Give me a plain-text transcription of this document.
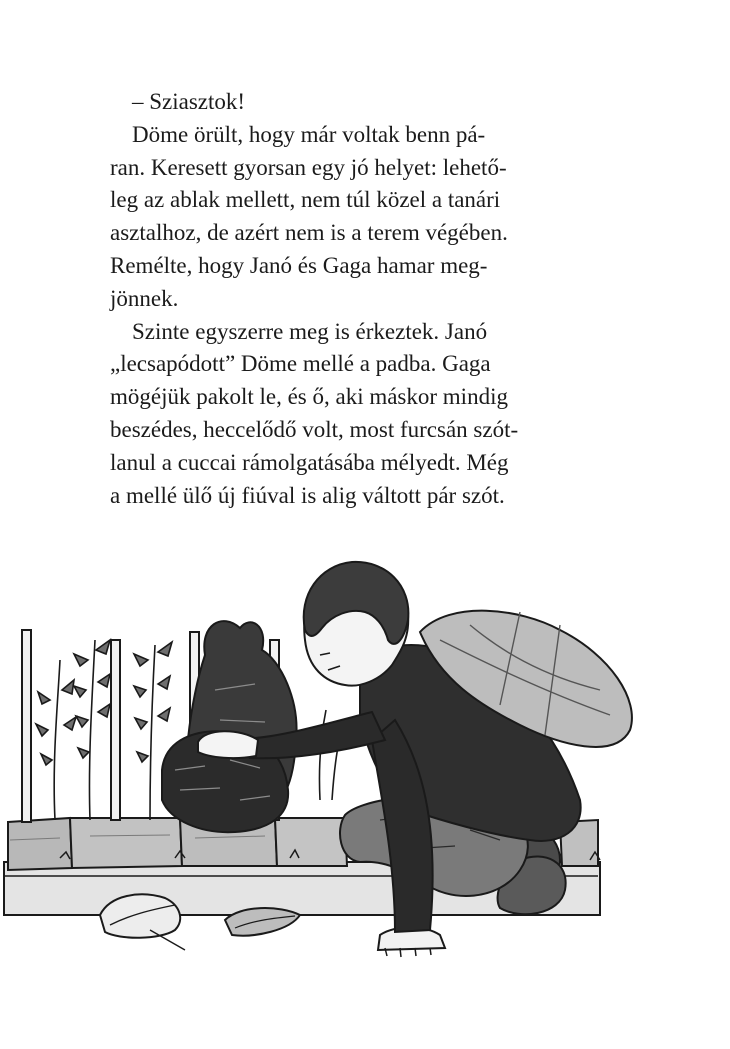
– Sziasztok!
Döme örült, hogy már voltak benn pá-
ran. Keresett gyorsan egy jó helyet: lehető-
leg az ablak mellett, nem túl közel a tanári
asztalhoz, de azért nem is a terem végében.
Remélte, hogy Janó és Gaga hamar meg-
jönnek.
Szinte egyszerre meg is érkeztek. Janó
„lecsapódott” Döme mellé a padba. Gaga
mögéjük pakolt le, és ő, aki máskor mindig
beszédes, heccelődő volt, most furcsán szót-
lanul a cuccai rámolgatásába mélyedt. Még
a mellé ülő új fiúval is alig váltott pár szót.
